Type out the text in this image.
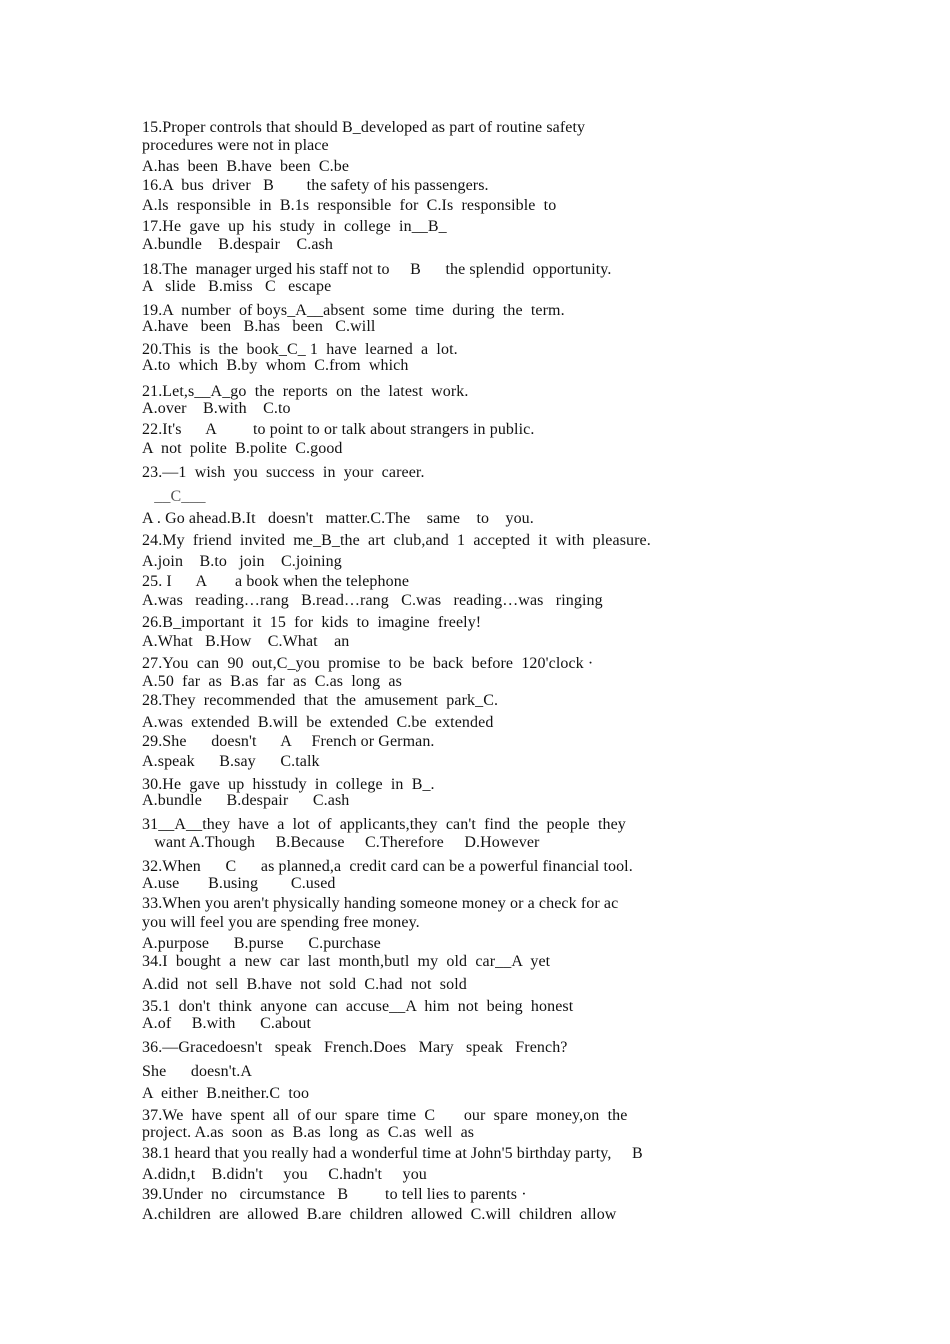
15.Proper controls that should B_developed as part of routine safety
procedures were not in place
A.has  been  B.have  been  C.be
16.A  bus  driver   B        the safety of his passengers.
A.ls  responsible  in  B.1s  responsible  for  C.Is  responsible  to
17.He  gave  up  his  study  in  college  in__B_
A.bundle    B.despair    C.ash
18.The  manager urged his staff not to     B      the splendid  opportunity.
A   slide   B.miss   C   escape
19.A  number  of boys_A__absent  some  time  during  the  term.
A.have   been   B.has   been   C.will
20.This  is  the  book_C_ 1  have  learned  a  lot.
A.to  which  B.by  whom  C.from  which
21.Let,s__A_go  the  reports  on  the  latest  work.
A.over    B.with    C.to
22.It's      A         to point to or talk about strangers in public.
A  not  polite  B.polite  C.good
23.—1  wish  you  success  in  your  career.
__C___
A . Go ahead.B.It   doesn't   matter.C.The    same    to    you.
24.My  friend  invited  me_B_the  art  club,and  1  accepted  it  with  pleasure.
A.join    B.to   join    C.joining
25. I      A       a book when the telephone
A.was   reading…rang   B.read…rang   C.was   reading…was   ringing
26.B_important  it  15  for  kids  to  imagine  freely!
A.What   B.How    C.What    an
27.You  can  90  out,C_you  promise  to  be  back  before  120'clock ·
A.50  far  as  B.as  far  as  C.as  long  as
28.They  recommended  that  the  amusement  park_C.
A.was  extended  B.will  be  extended  C.be  extended
29.She      doesn't      A     French or German.
A.speak      B.say      C.talk
30.He  gave  up  hisstudy  in  college  in  B_.
A.bundle      B.despair      C.ash
31__A__they  have  a  lot  of  applicants,they  can't  find  the  people  they
want A.Though     B.Because     C.Therefore     D.However
32.When      C      as planned,a  credit card can be a powerful financial tool.
A.use       B.using        C.used
33.When you aren't physically handing someone money or a check for ac
you will feel you are spending free money.
A.purpose      B.purse      C.purchase
34.I  bought  a  new  car  last  month,butl  my  old  car__A  yet
A.did  not  sell  B.have  not  sold  C.had  not  sold
35.1  don't  think  anyone  can  accuse__A  him  not  being  honest
A.of     B.with      C.about
36.—Gracedoesn't   speak   French.Does   Mary   speak   French?
She      doesn't.A
A  either  B.neither.C  too
37.We  have  spent  all  of our  spare  time  C       our  spare  money,on  the
project. A.as  soon  as  B.as  long  as  C.as  well  as
38.1 heard that you really had a wonderful time at John'5 birthday party,     B
A.didn,t    B.didn't     you     C.hadn't     you
39.Under  no   circumstance   B         to tell lies to parents ·
A.children  are  allowed  B.are  children  allowed  C.will  children  allow
